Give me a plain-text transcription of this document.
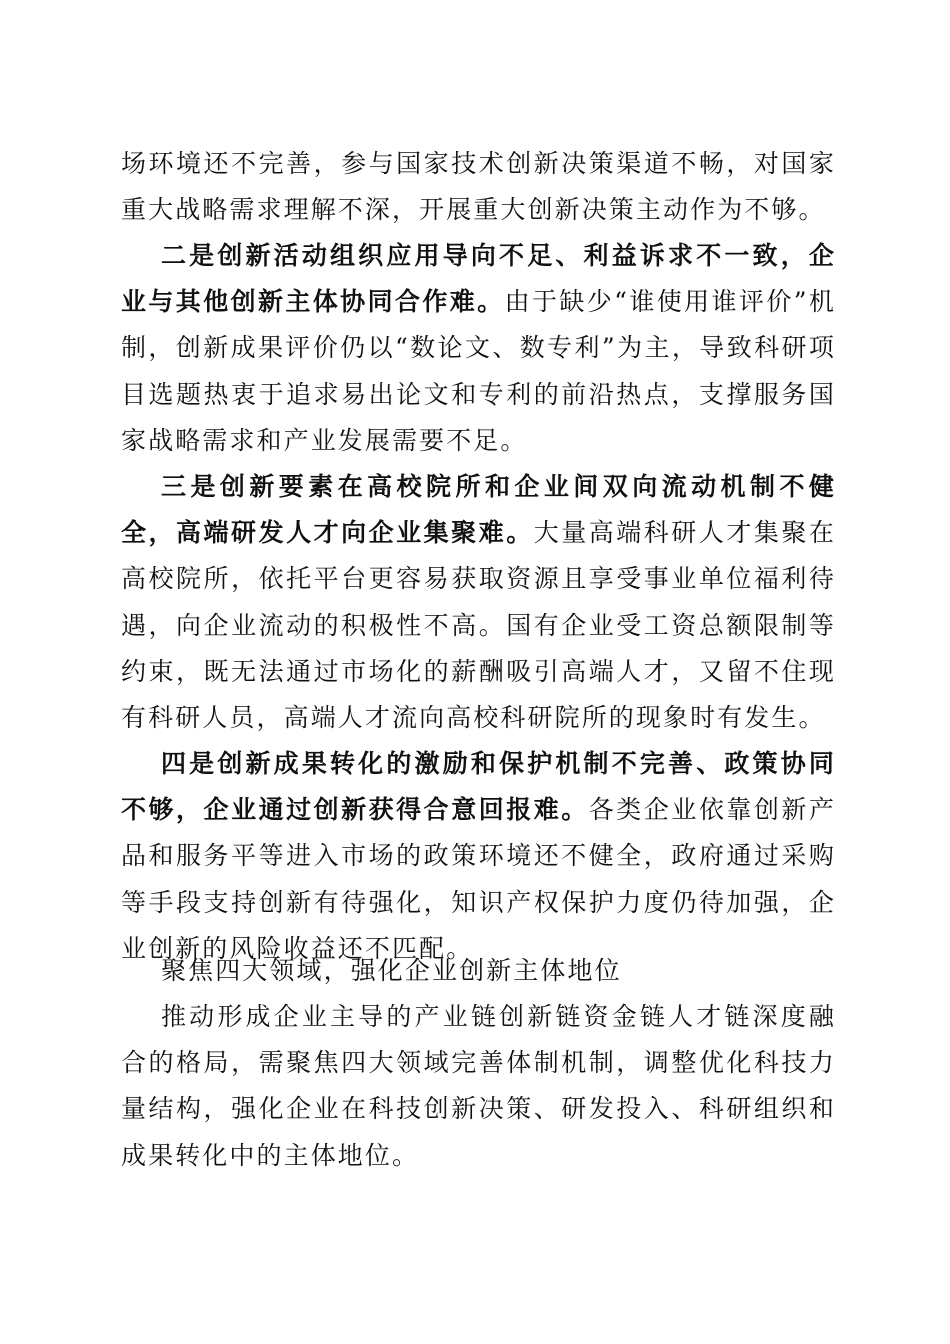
场环境还不完善，参与国家技术创新决策渠道不畅，对国家重大战略需求理解不深，开展重大创新决策主动作为不够。

二是创新活动组织应用导向不足、利益诉求不一致，企业与其他创新主体协同合作难。由于缺少“谁使用谁评价”机制，创新成果评价仍以“数论文、数专利”为主，导致科研项目选题热衷于追求易出论文和专利的前沿热点，支撑服务国家战略需求和产业发展需要不足。

三是创新要素在高校院所和企业间双向流动机制不健全，高端研发人才向企业集聚难。大量高端科研人才集聚在高校院所，依托平台更容易获取资源且享受事业单位福利待遇，向企业流动的积极性不高。国有企业受工资总额限制等约束，既无法通过市场化的薪酬吸引高端人才，又留不住现有科研人员，高端人才流向高校科研院所的现象时有发生。

四是创新成果转化的激励和保护机制不完善、政策协同不够，企业通过创新获得合意回报难。各类企业依靠创新产品和服务平等进入市场的政策环境还不健全，政府通过采购等手段支持创新有待强化，知识产权保护力度仍待加强，企业创新的风险收益还不匹配。

聚焦四大领域，强化企业创新主体地位

推动形成企业主导的产业链创新链资金链人才链深度融合的格局，需聚焦四大领域完善体制机制，调整优化科技力量结构，强化企业在科技创新决策、研发投入、科研组织和成果转化中的主体地位。
